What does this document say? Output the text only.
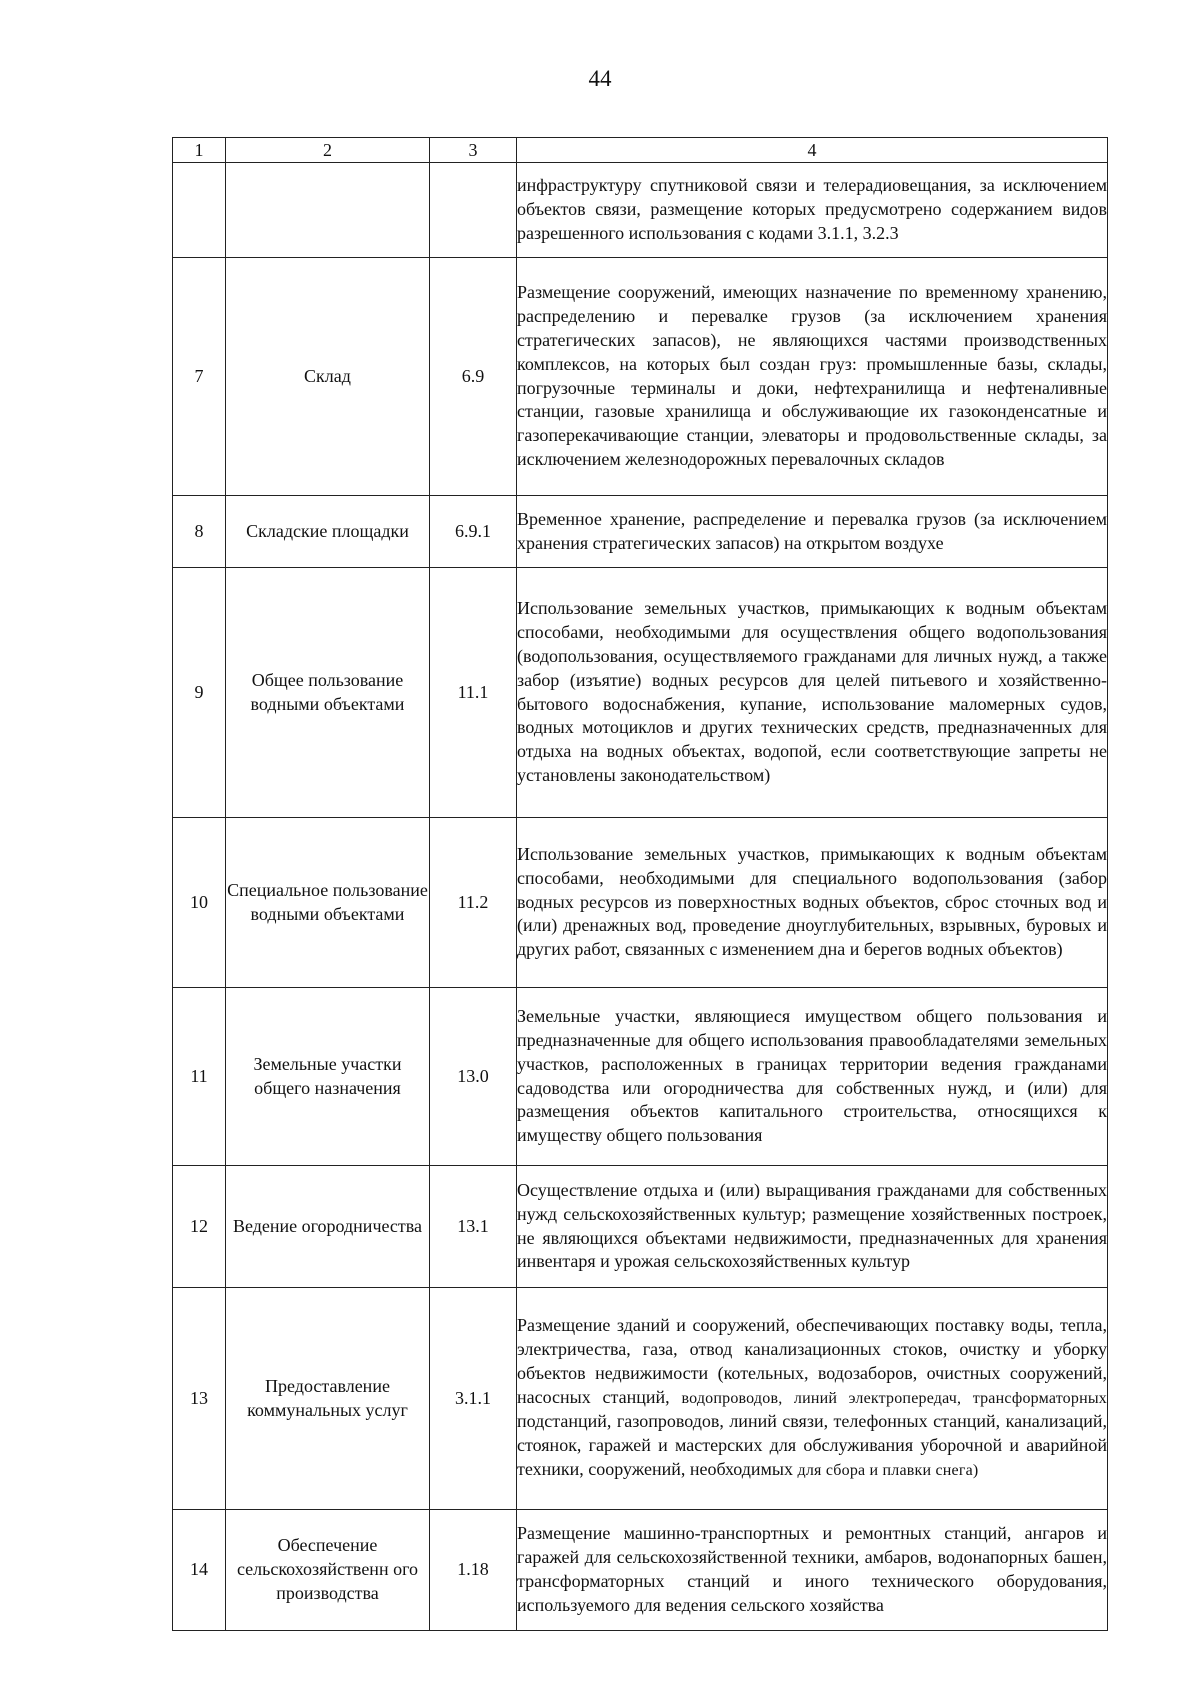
44
1	2	3	4
			инфраструктуру спутниковой связи и телерадиовещания, за исключением объектов связи, размещение которых предусмотрено содержанием видов разрешенного использования с кодами 3.1.1, 3.2.3
7	Склад	6.9	Размещение сооружений, имеющих назначение по временному хранению, распределению и перевалке грузов (за исключением хранения стратегических запасов), не являющихся частями производственных комплексов, на которых был создан груз: промышленные базы, склады, погрузочные терминалы и доки, нефтехранилища и нефтеналивные станции, газовые хранилища и обслуживающие их газоконденсатные и газоперекачивающие станции, элеваторы и продовольственные склады, за исключением железнодорожных перевалочных складов
8	Складские площадки	6.9.1	Временное хранение, распределение и перевалка грузов (за исключением хранения стратегических запасов) на открытом воздухе
9	Общее пользование водными объектами	11.1	Использование земельных участков, примыкающих к водным объектам способами, необходимыми для осуществления общего водопользования (водопользования, осуществляемого гражданами для личных нужд, а также забор (изъятие) водных ресурсов для целей питьевого и хозяйственно-бытового водоснабжения, купание, использование маломерных судов, водных мотоциклов и других технических средств, предназначенных для отдыха на водных объектах, водопой, если соответствующие запреты не установлены законодательством)
10	Специальное пользование водными объектами	11.2	Использование земельных участков, примыкающих к водным объектам способами, необходимыми для специального водопользования (забор водных ресурсов из поверхностных водных объектов, сброс сточных вод и (или) дренажных вод, проведение дноуглубительных, взрывных, буровых и других работ, связанных с изменением дна и берегов водных объектов)
11	Земельные участки общего назначения	13.0	Земельные участки, являющиеся имуществом общего пользования и предназначенные для общего использования правообладателями земельных участков, расположенных в границах территории ведения гражданами садоводства или огородничества для собственных нужд, и (или) для размещения объектов капитального строительства, относящихся к имуществу общего пользования
12	Ведение огородничества	13.1	Осуществление отдыха и (или) выращивания гражданами для собственных нужд сельскохозяйственных культур; размещение хозяйственных построек, не являющихся объектами недвижимости, предназначенных для хранения инвентаря и урожая сельскохозяйственных культур
13	Предоставление коммунальных услуг	3.1.1	Размещение зданий и сооружений, обеспечивающих поставку воды, тепла, электричества, газа, отвод канализационных стоков, очистку и уборку объектов недвижимости (котельных, водозаборов, очистных сооружений, насосных станций, водопроводов, линий электропередач, трансформаторных подстанций, газопроводов, линий связи, телефонных станций, канализаций, стоянок, гаражей и мастерских для обслуживания уборочной и аварийной техники, сооружений, необходимых для сбора и плавки снега)
14	Обеспечение сельскохозяйственн ого производства	1.18	Размещение машинно-транспортных и ремонтных станций, ангаров и гаражей для сельскохозяйственной техники, амбаров, водонапорных башен, трансформаторных станций и иного технического оборудования, используемого для ведения сельского хозяйства
